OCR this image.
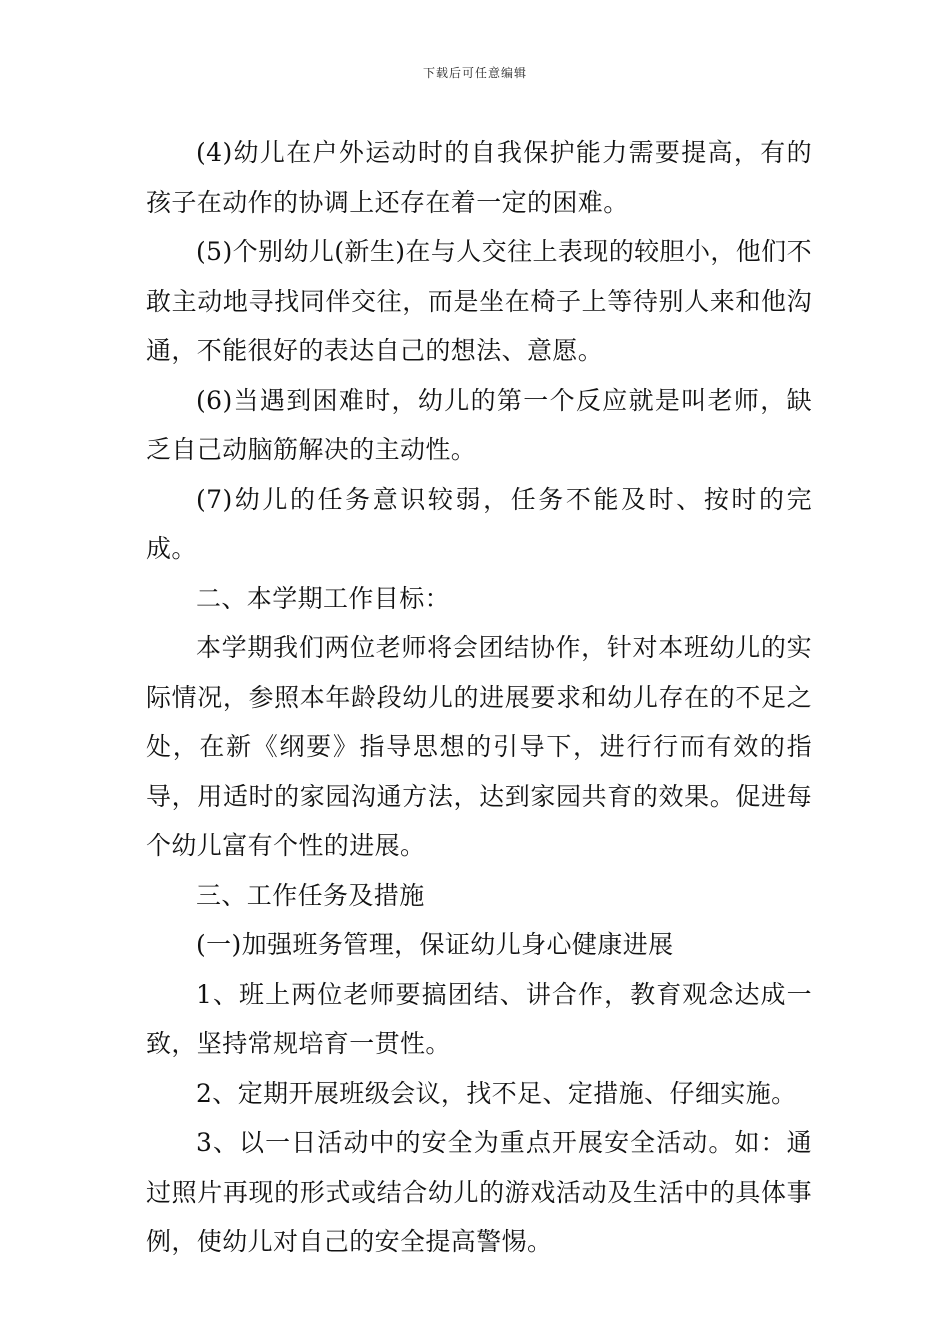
下载后可任意编辑

(4)幼儿在户外运动时的自我保护能力需要提高，有的孩子在动作的协调上还存在着一定的困难。

(5)个别幼儿(新生)在与人交往上表现的较胆小，他们不敢主动地寻找同伴交往，而是坐在椅子上等待别人来和他沟通，不能很好的表达自己的想法、意愿。

(6)当遇到困难时，幼儿的第一个反应就是叫老师，缺乏自己动脑筋解决的主动性。

(7)幼儿的任务意识较弱，任务不能及时、按时的完成。

二、本学期工作目标：

本学期我们两位老师将会团结协作，针对本班幼儿的实际情况，参照本年龄段幼儿的进展要求和幼儿存在的不足之处，在新《纲要》指导思想的引导下，进行行而有效的指导，用适时的家园沟通方法，达到家园共育的效果。促进每个幼儿富有个性的进展。

三、工作任务及措施

(一)加强班务管理，保证幼儿身心健康进展

1、班上两位老师要搞团结、讲合作，教育观念达成一致，坚持常规培育一贯性。

2、定期开展班级会议，找不足、定措施、仔细实施。

3、以一日活动中的安全为重点开展安全活动。如：通过照片再现的形式或结合幼儿的游戏活动及生活中的具体事例，使幼儿对自己的安全提高警惕。
